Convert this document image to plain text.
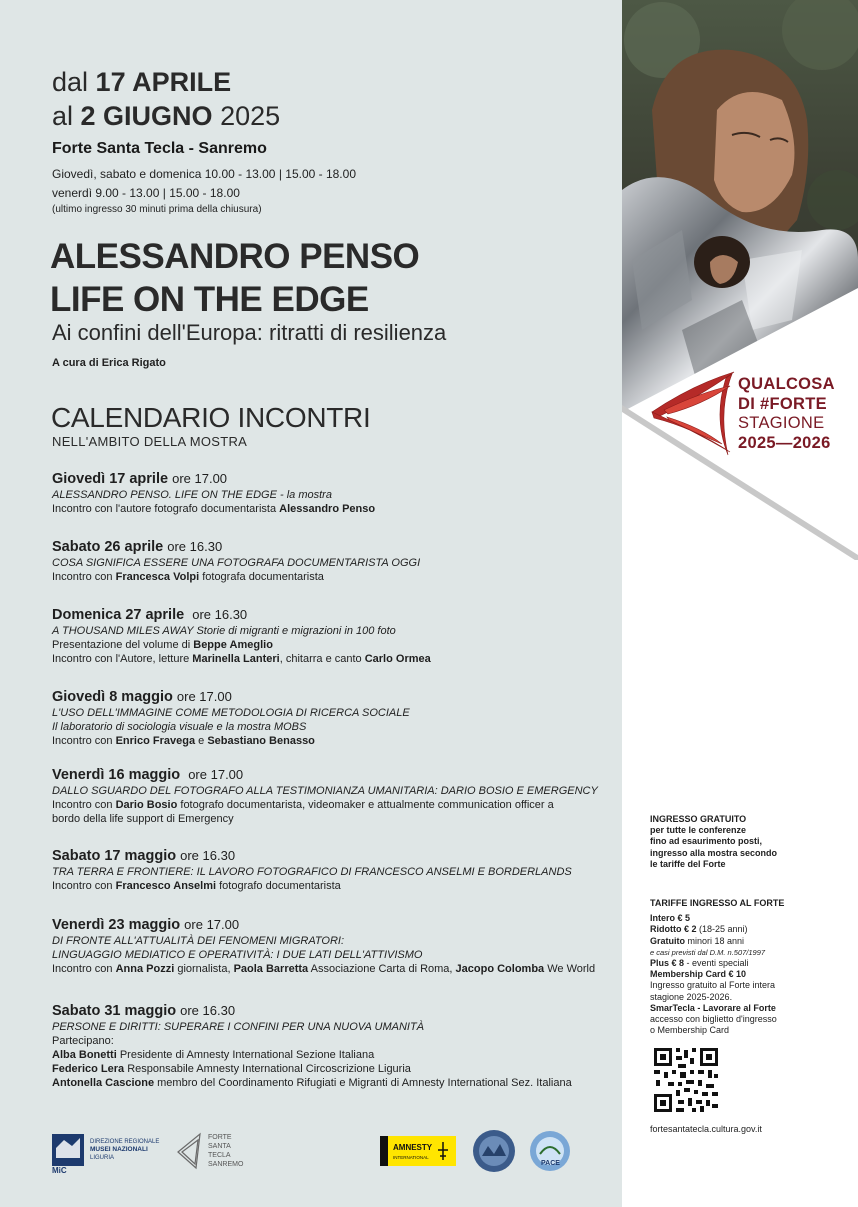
dal 17 APRILE
al 2 GIUGNO 2025
Forte Santa Tecla - Sanremo
Giovedì, sabato e domenica 10.00 - 13.00 | 15.00 - 18.00
venerdì 9.00 - 13.00 | 15.00 - 18.00
(ultimo ingresso 30 minuti prima della chiusura)
ALESSANDRO PENSO
LIFE ON THE EDGE
Ai confini dell'Europa: ritratti di resilienza
A cura di Erica Rigato
CALENDARIO INCONTRI
NELL'AMBITO DELLA MOSTRA
Giovedì 17 aprile ore 17.00
ALESSANDRO PENSO. LIFE ON THE EDGE - la mostra
Incontro con l'autore fotografo documentarista Alessandro Penso
Sabato 26 aprile ore 16.30
COSA SIGNIFICA ESSERE UNA FOTOGRAFA DOCUMENTARISTA OGGI
Incontro con Francesca Volpi fotografa documentarista
Domenica 27 aprile ore 16.30
A THOUSAND MILES AWAY Storie di migranti e migrazioni in 100 foto
Presentazione del volume di Beppe Ameglio
Incontro con l'Autore, letture Marinella Lanteri, chitarra e canto Carlo Ormea
Giovedì 8 maggio ore 17.00
L'USO DELL'IMMAGINE COME METODOLOGIA DI RICERCA SOCIALE
Il laboratorio di sociologia visuale e la mostra MOBS
Incontro con Enrico Fravega e Sebastiano Benasso
Venerdì 16 maggio ore 17.00
DALLO SGUARDO DEL FOTOGRAFO ALLA TESTIMONIANZA UMANITARIA: DARIO BOSIO E EMERGENCY
Incontro con Dario Bosio fotografo documentarista, videomaker e attualmente communication officer a
bordo della life support di Emergency
Sabato 17 maggio ore 16.30
TRA TERRA E FRONTIERE: IL LAVORO FOTOGRAFICO DI FRANCESCO ANSELMI E BORDERLANDS
Incontro con Francesco Anselmi fotografo documentarista
Venerdì 23 maggio ore 17.00
DI FRONTE ALL'ATTUALITÀ DEI FENOMENI MIGRATORI:
LINGUAGGIO MEDIATICO E OPERATIVITÀ: I DUE LATI DELL'ATTIVISMO
Incontro con Anna Pozzi giornalista, Paola Barretta Associazione Carta di Roma, Jacopo Colomba We World
Sabato 31 maggio ore 16.30
PERSONE E DIRITTI: SUPERARE I CONFINI PER UNA NUOVA UMANITÀ
Partecipano:
Alba Bonetti Presidente di Amnesty International Sezione Italiana
Federico Lera Responsabile Amnesty International Circoscrizione Liguria
Antonella Cascione membro del Coordinamento Rifugiati e Migranti di Amnesty International Sez. Italiana
MiC
DIREZIONE REGIONALE
MUSEI NAZIONALI
LIGURIA
FORTE
SANTA
TECLA
SANREMO
AMNESTY
INTERNATIONAL
PACE
QUALCOSA
DI #FORTE
STAGIONE
2025—2026
INGRESSO GRATUITO
per tutte le conferenze
fino ad esaurimento posti,
ingresso alla mostra secondo
le tariffe del Forte
TARIFFE INGRESSO AL FORTE
Intero € 5
Ridotto € 2 (18-25 anni)
Gratuito minori 18 anni
e casi previsti dal D.M. n.507/1997
Plus € 8 - eventi speciali
Membership Card € 10
Ingresso gratuito al Forte intera
stagione 2025-2026.
SmarTecla - Lavorare al Forte
accesso con biglietto d'ingresso
o Membership Card
fortesantatecla.cultura.gov.it
